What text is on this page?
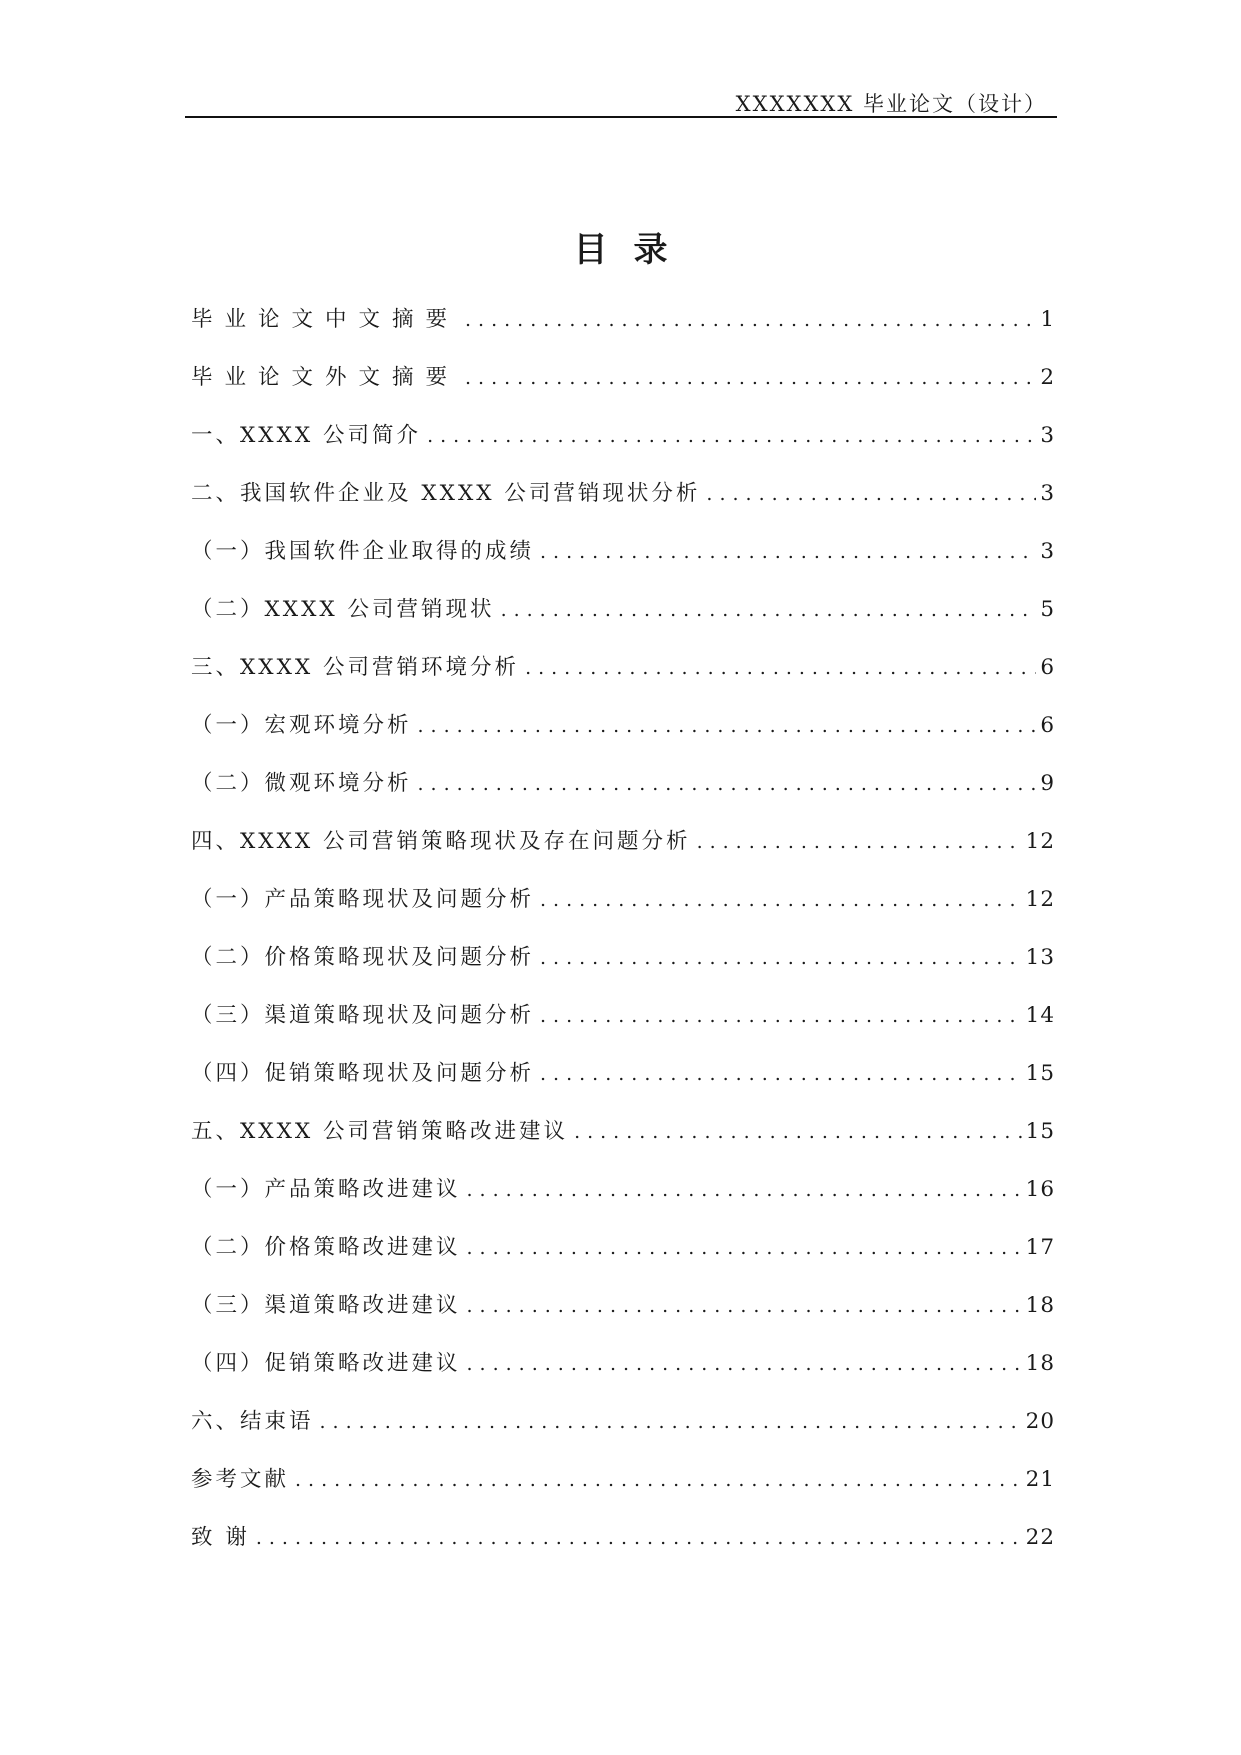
XXXXXXX 毕业论文（设计）
目录
毕业论文中文摘要 .....	1
毕业论文外文摘要 .....	2
一、XXXX 公司简介 .....	3
二、我国软件企业及 XXXX 公司营销现状分析 .....	3
（一）我国软件企业取得的成绩 .....	3
（二）XXXX 公司营销现状 .....	5
三、XXXX 公司营销环境分析 .....	6
（一）宏观环境分析 .....	6
（二）微观环境分析 .....	9
四、XXXX 公司营销策略现状及存在问题分析 .....	12
（一）产品策略现状及问题分析 .....	12
（二）价格策略现状及问题分析 .....	13
（三）渠道策略现状及问题分析 .....	14
（四）促销策略现状及问题分析 .....	15
五、XXXX 公司营销策略改进建议 .....	15
（一）产品策略改进建议 .....	16
（二）价格策略改进建议 .....	17
（三）渠道策略改进建议 .....	18
（四）促销策略改进建议 .....	18
六、结束语 .....	20
参考文献 .....	21
致 谢 .....	22
